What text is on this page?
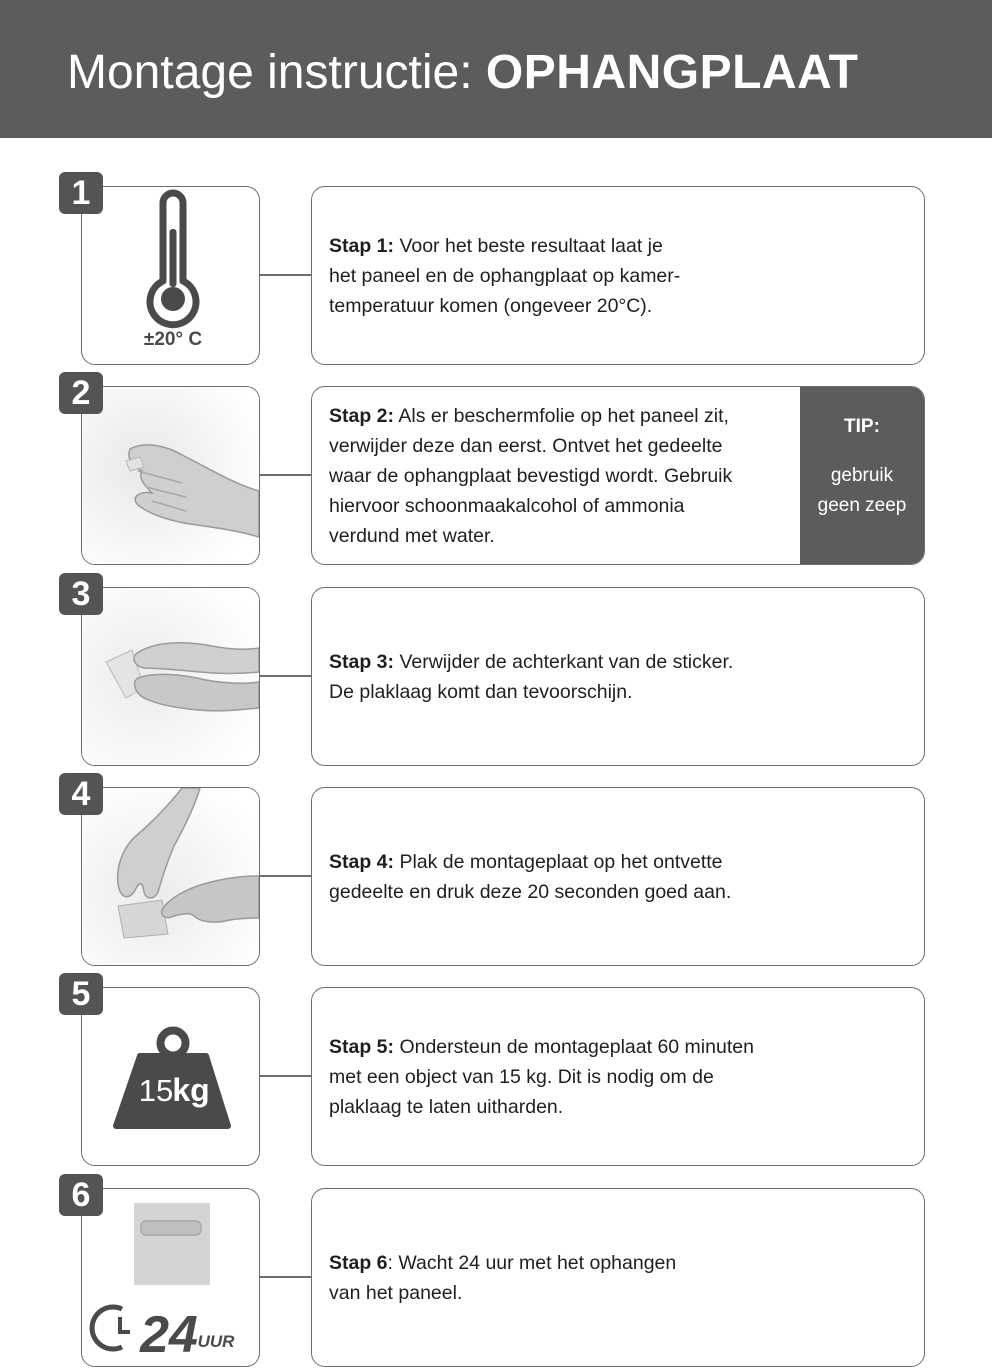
Montage instructie: OPHANGPLAAT
1
±20° C

Stap 1: Voor het beste resultaat laat je
het paneel en de ophangplaat op kamer-
temperatuur komen (ongeveer 20°C).

2

Stap 2: Als er beschermfolie op het paneel zit,
verwijder deze dan eerst. Ontvet het gedeelte
waar de ophangplaat bevestigd wordt. Gebruik
hiervoor schoonmaakalcohol of ammonia
verdund met water.

TIP:
gebruik
geen zeep
3

Stap 3: Verwijder de achterkant van de sticker.
De plaklaag komt dan tevoorschijn.

4

Stap 4: Plak de montageplaat op het ontvette
gedeelte en druk deze 20 seconden goed aan.

5
15 kg

Stap 5: Ondersteun de montageplaat 60 minuten
met een object van 15 kg. Dit is nodig om de
plaklaag te laten uitharden.

6
24 UUR

Stap 6: Wacht 24 uur met het ophangen
van het paneel.
